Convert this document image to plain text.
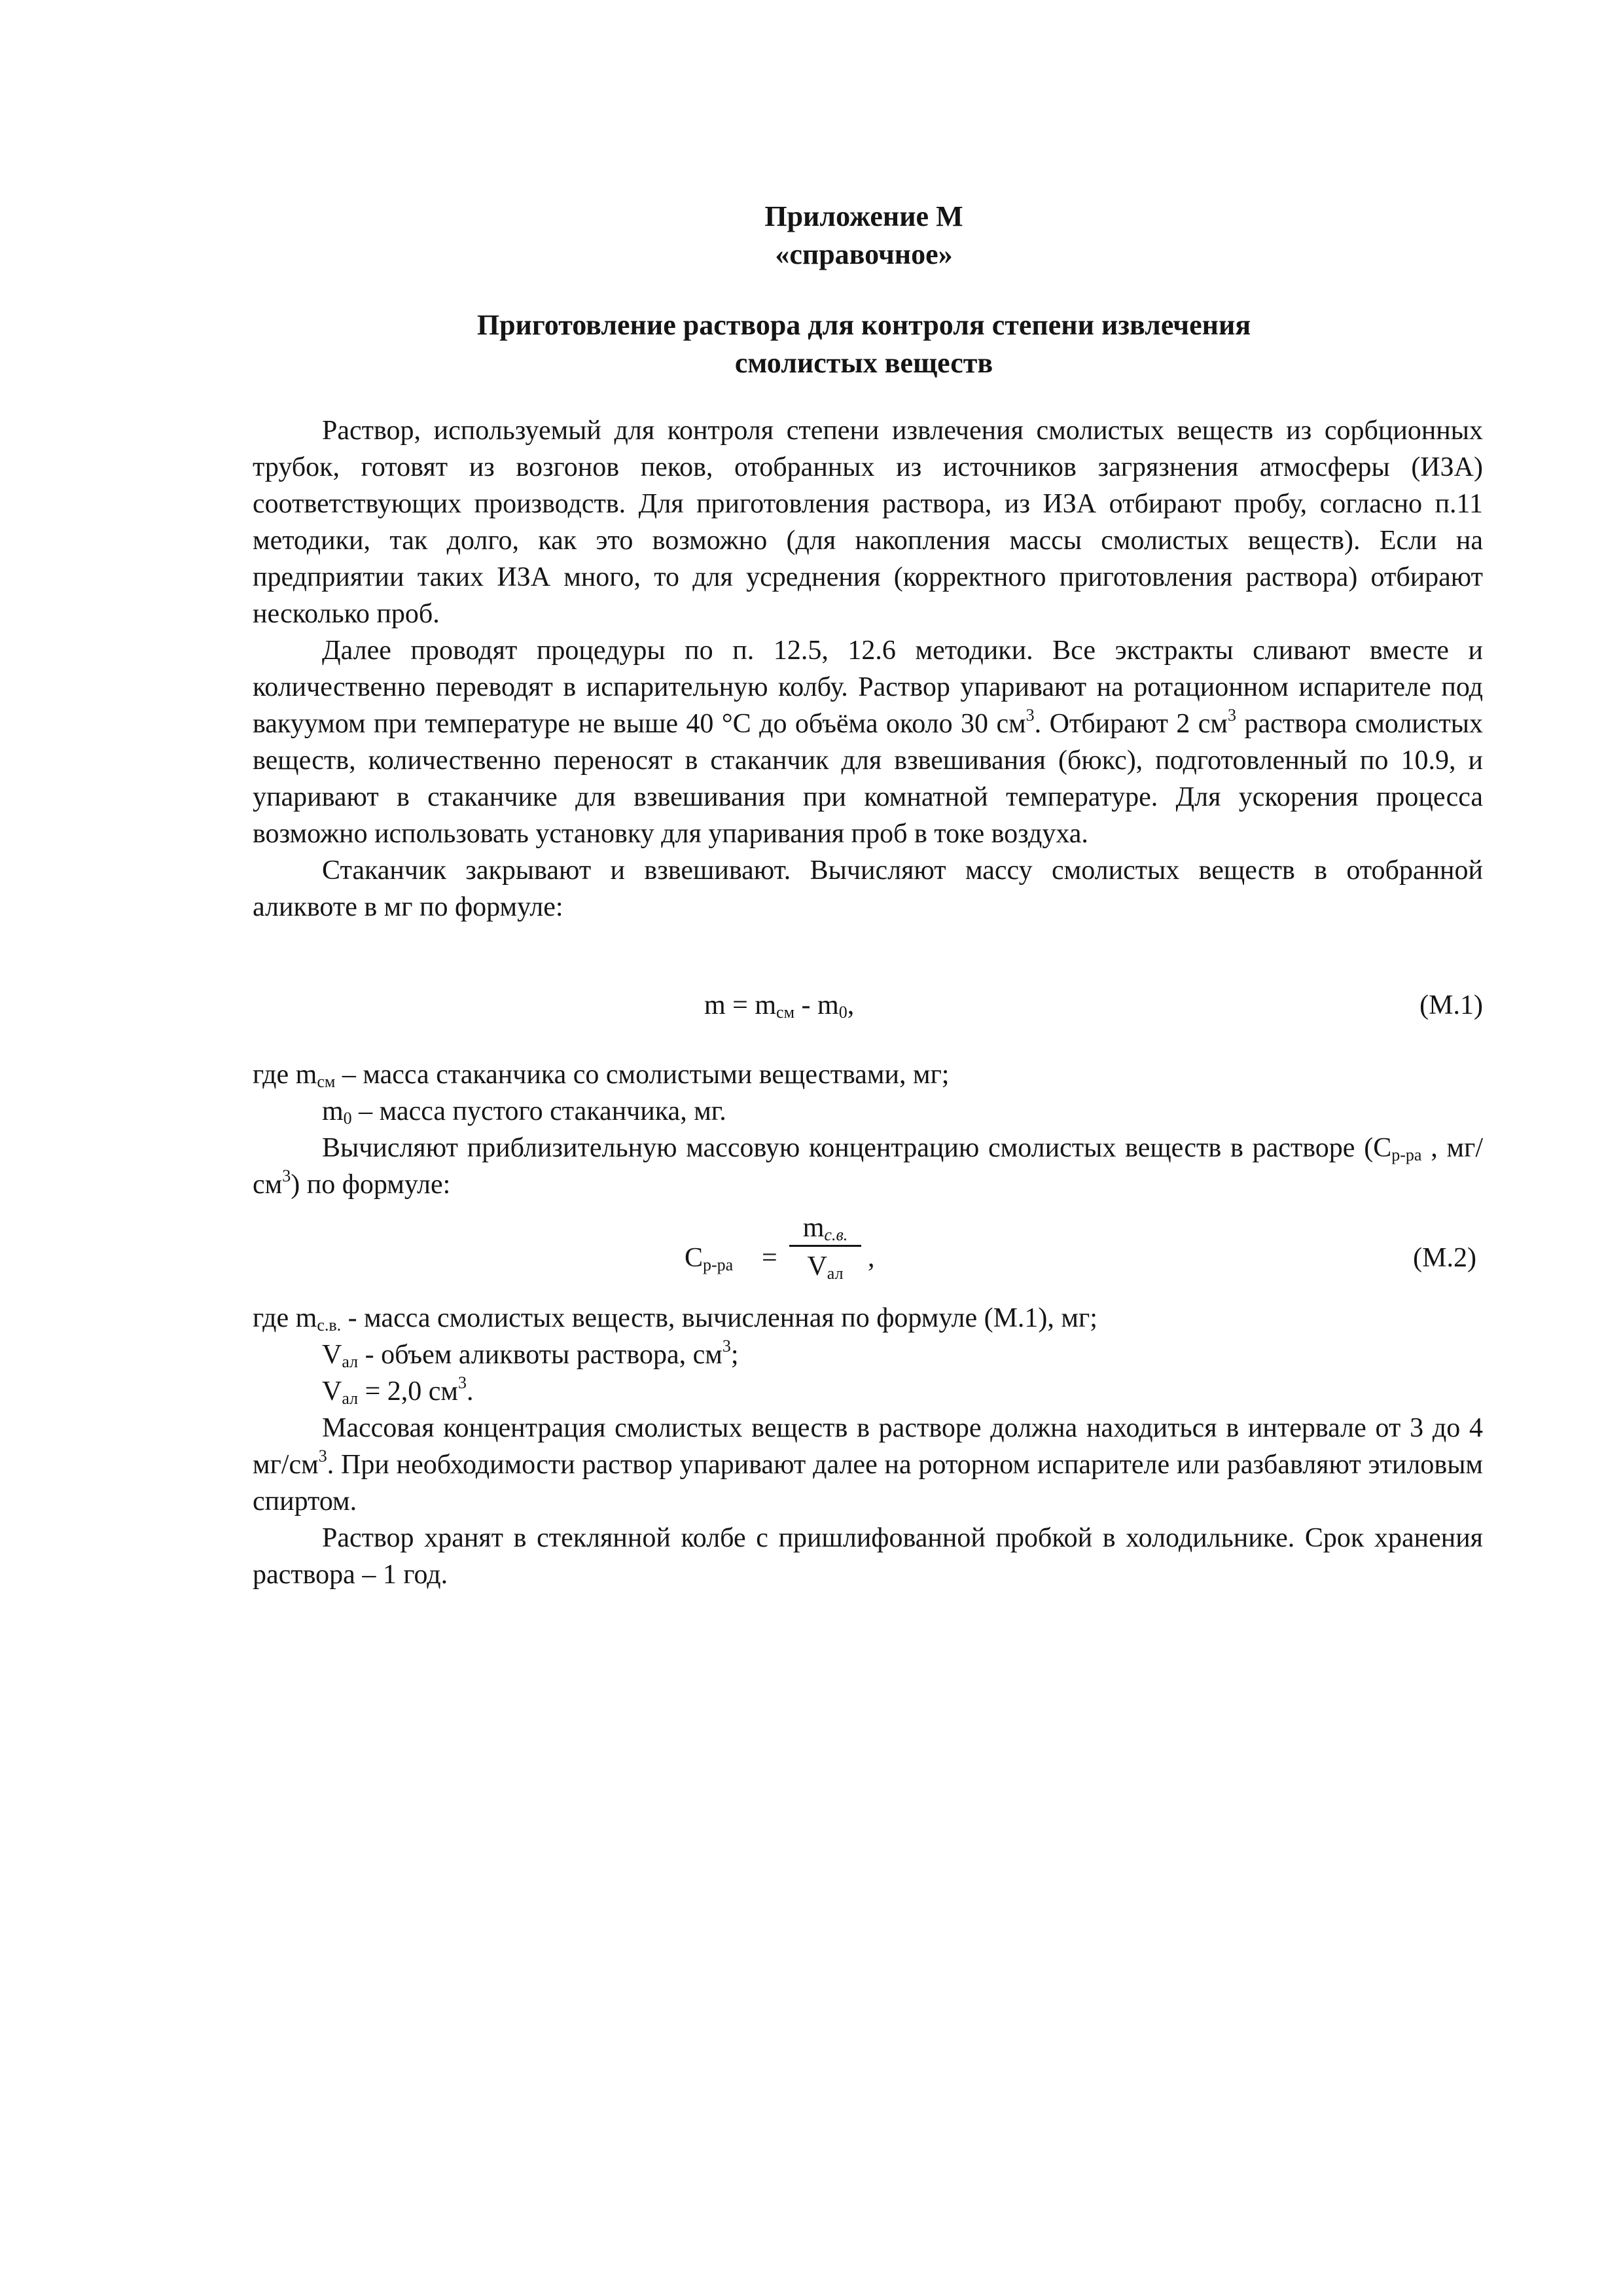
Приложение М
«справочное»
Приготовление раствора для контроля степени извлечения
смолистых веществ

Раствор, используемый для контроля степени извлечения смолистых веществ из сорбционных трубок, готовят из возгонов пеков, отобранных из источников загрязнения атмосферы (ИЗА) соответствующих производств. Для приготовления раствора, из ИЗА отбирают пробу, согласно п.11 методики, так долго, как это возможно (для накопления массы смолистых веществ). Если на предприятии таких ИЗА много, то для усреднения (корректного приготовления раствора) отбирают несколько проб.

Далее проводят процедуры по п. 12.5, 12.6 методики. Все экстракты сливают вместе и количественно переводят в испарительную колбу. Раствор упаривают на ротационном испарителе под вакуумом при температуре не выше 40 °С до объёма около 30 $см^3$. Отбирают 2 $см^3$ раствора смолистых веществ, количественно переносят в стаканчик для взвешивания (бюкс), подготовленный по 10.9, и упаривают в стаканчике для взвешивания при комнатной температуре. Для ускорения процесса возможно использовать установку для упаривания проб в токе воздуха.

Стаканчик закрывают и взвешивают. Вычисляют массу смолистых веществ в отобранной аликвоте в мг по формуле:

$m = m_{см} - m_0$,	(М.1)

где $m_{см}$ – масса стаканчика со смолистыми веществами, мг;

$m_0$ – масса пустого стаканчика, мг.

Вычисляют приблизительную массовую концентрацию смолистых веществ в растворе ($C_{р-ра}$ , $мг/см^3$) по формуле:

$C_{р-ра}$ =
$m_{с.в.}$
$V_{ал}$
,	(М.2)

где $m_{с.в.}$ - масса смолистых веществ, вычисленная по формуле (М.1), мг;

$V_{ал}$ - объем аликвоты раствора, $см^3$;

$V_{ал} = 2,0$ $см^3$.

Массовая концентрация смолистых веществ в растворе должна находиться в интервале от 3 до 4 $мг/см^3$. При необходимости раствор упаривают далее на роторном испарителе или разбавляют этиловым спиртом.

Раствор хранят в стеклянной колбе с пришлифованной пробкой в холодильнике. Срок хранения раствора – 1 год.
